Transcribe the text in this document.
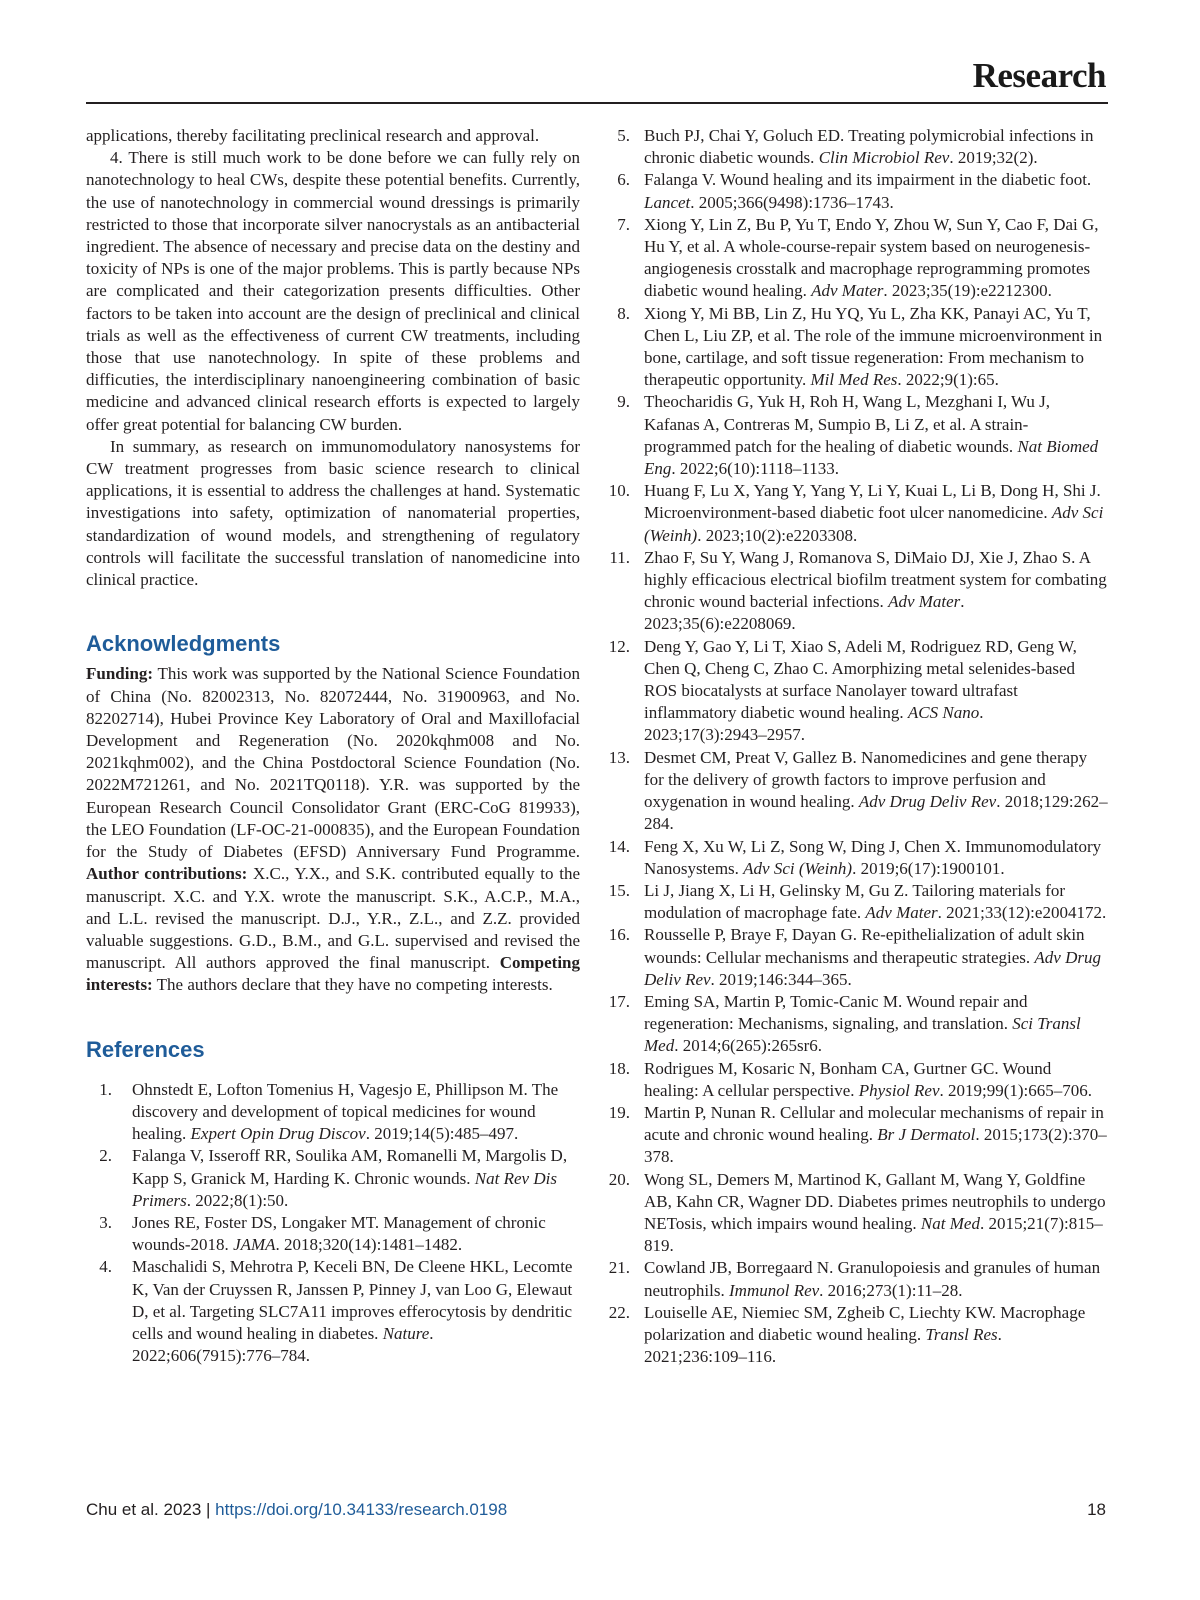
Research

applications, thereby facilitating preclinical research and approval.

4. There is still much work to be done before we can fully rely on nanotechnology to heal CWs, despite these potential benefits. Currently, the use of nanotechnology in commercial wound dressings is primarily restricted to those that incorporate silver nanocrystals as an antibacterial ingredient. The absence of necessary and precise data on the destiny and toxicity of NPs is one of the major problems. This is partly because NPs are complicated and their categorization presents difficulties. Other factors to be taken into account are the design of preclinical and clinical trials as well as the effectiveness of current CW treatments, including those that use nanotechnology. In spite of these problems and difficuties, the interdisciplinary nanoengineering combination of basic medicine and advanced clinical research efforts is expected to largely offer great potential for balancing CW burden.

In summary, as research on immunomodulatory nanosystems for CW treatment progresses from basic science research to clinical applications, it is essential to address the challenges at hand. Systematic investigations into safety, optimization of nanomaterial properties, standardization of wound models, and strengthening of regulatory controls will facilitate the successful translation of nanomedicine into clinical practice.

Acknowledgments

Funding: This work was supported by the National Science Foundation of China (No. 82002313, No. 82072444, No. 31900963, and No. 82202714), Hubei Province Key Laboratory of Oral and Maxillofacial Development and Regeneration (No. 2020kqhm008 and No. 2021kqhm002), and the China Postdoctoral Science Foundation (No. 2022M721261, and No. 2021TQ0118). Y.R. was supported by the European Research Council Consolidator Grant (ERC-CoG 819933), the LEO Foundation (LF-OC-21-000835), and the European Foundation for the Study of Diabetes (EFSD) Anniversary Fund Programme. Author contributions: X.C., Y.X., and S.K. contributed equally to the manuscript. X.C. and Y.X. wrote the manuscript. S.K., A.C.P., M.A., and L.L. revised the manuscript. D.J., Y.R., Z.L., and Z.Z. provided valuable suggestions. G.D., B.M., and G.L. supervised and revised the manuscript. All authors approved the final manuscript. Competing interests: The authors declare that they have no competing interests.

References
1. Ohnstedt E, Lofton Tomenius H, Vagesjo E, Phillipson M. The discovery and development of topical medicines for wound healing. Expert Opin Drug Discov. 2019;14(5):485–497.
2. Falanga V, Isseroff RR, Soulika AM, Romanelli M, Margolis D, Kapp S, Granick M, Harding K. Chronic wounds. Nat Rev Dis Primers. 2022;8(1):50.
3. Jones RE, Foster DS, Longaker MT. Management of chronic wounds-2018. JAMA. 2018;320(14):1481–1482.
4. Maschalidi S, Mehrotra P, Keceli BN, De Cleene HKL, Lecomte K, Van der Cruyssen R, Janssen P, Pinney J, van Loo G, Elewaut D, et al. Targeting SLC7A11 improves efferocytosis by dendritic cells and wound healing in diabetes. Nature. 2022;606(7915):776–784.
5. Buch PJ, Chai Y, Goluch ED. Treating polymicrobial infections in chronic diabetic wounds. Clin Microbiol Rev. 2019;32(2).
6. Falanga V. Wound healing and its impairment in the diabetic foot. Lancet. 2005;366(9498):1736–1743.
7. Xiong Y, Lin Z, Bu P, Yu T, Endo Y, Zhou W, Sun Y, Cao F, Dai G, Hu Y, et al. A whole-course-repair system based on neurogenesis-angiogenesis crosstalk and macrophage reprogramming promotes diabetic wound healing. Adv Mater. 2023;35(19):e2212300.
8. Xiong Y, Mi BB, Lin Z, Hu YQ, Yu L, Zha KK, Panayi AC, Yu T, Chen L, Liu ZP, et al. The role of the immune microenvironment in bone, cartilage, and soft tissue regeneration: From mechanism to therapeutic opportunity. Mil Med Res. 2022;9(1):65.
9. Theocharidis G, Yuk H, Roh H, Wang L, Mezghani I, Wu J, Kafanas A, Contreras M, Sumpio B, Li Z, et al. A strain-programmed patch for the healing of diabetic wounds. Nat Biomed Eng. 2022;6(10):1118–1133.
10. Huang F, Lu X, Yang Y, Yang Y, Li Y, Kuai L, Li B, Dong H, Shi J. Microenvironment-based diabetic foot ulcer nanomedicine. Adv Sci (Weinh). 2023;10(2):e2203308.
11. Zhao F, Su Y, Wang J, Romanova S, DiMaio DJ, Xie J, Zhao S. A highly efficacious electrical biofilm treatment system for combating chronic wound bacterial infections. Adv Mater. 2023;35(6):e2208069.
12. Deng Y, Gao Y, Li T, Xiao S, Adeli M, Rodriguez RD, Geng W, Chen Q, Cheng C, Zhao C. Amorphizing metal selenides-based ROS biocatalysts at surface Nanolayer toward ultrafast inflammatory diabetic wound healing. ACS Nano. 2023;17(3):2943–2957.
13. Desmet CM, Preat V, Gallez B. Nanomedicines and gene therapy for the delivery of growth factors to improve perfusion and oxygenation in wound healing. Adv Drug Deliv Rev. 2018;129:262–284.
14. Feng X, Xu W, Li Z, Song W, Ding J, Chen X. Immunomodulatory Nanosystems. Adv Sci (Weinh). 2019;6(17):1900101.
15. Li J, Jiang X, Li H, Gelinsky M, Gu Z. Tailoring materials for modulation of macrophage fate. Adv Mater. 2021;33(12):e2004172.
16. Rousselle P, Braye F, Dayan G. Re-epithelialization of adult skin wounds: Cellular mechanisms and therapeutic strategies. Adv Drug Deliv Rev. 2019;146:344–365.
17. Eming SA, Martin P, Tomic-Canic M. Wound repair and regeneration: Mechanisms, signaling, and translation. Sci Transl Med. 2014;6(265):265sr6.
18. Rodrigues M, Kosaric N, Bonham CA, Gurtner GC. Wound healing: A cellular perspective. Physiol Rev. 2019;99(1):665–706.
19. Martin P, Nunan R. Cellular and molecular mechanisms of repair in acute and chronic wound healing. Br J Dermatol. 2015;173(2):370–378.
20. Wong SL, Demers M, Martinod K, Gallant M, Wang Y, Goldfine AB, Kahn CR, Wagner DD. Diabetes primes neutrophils to undergo NETosis, which impairs wound healing. Nat Med. 2015;21(7):815–819.
21. Cowland JB, Borregaard N. Granulopoiesis and granules of human neutrophils. Immunol Rev. 2016;273(1):11–28.
22. Louiselle AE, Niemiec SM, Zgheib C, Liechty KW. Macrophage polarization and diabetic wound healing. Transl Res. 2021;236:109–116.
Chu et al. 2023 | https://doi.org/10.34133/research.0198	18
